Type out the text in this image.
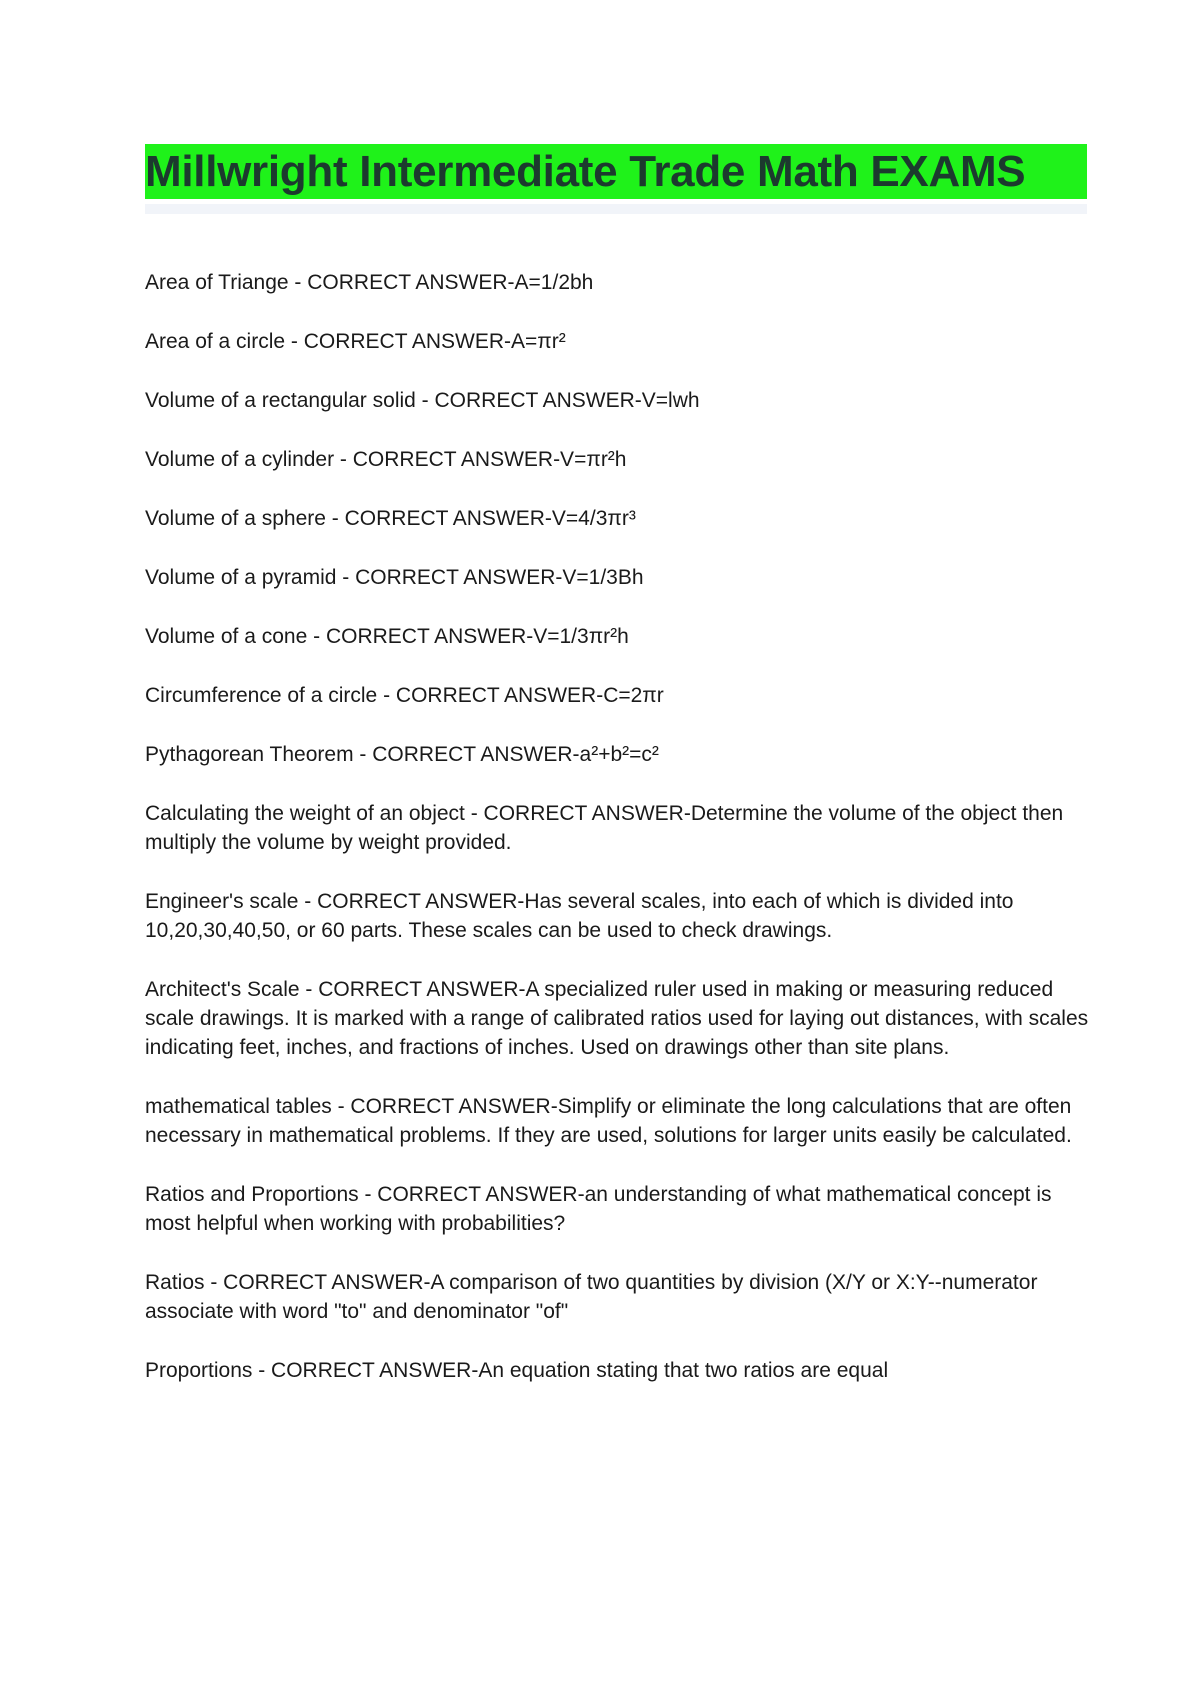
Millwright Intermediate Trade Math EXAMS

Area of Triange - CORRECT ANSWER-A=1/2bh

Area of a circle - CORRECT ANSWER-A=πr²

Volume of a rectangular solid - CORRECT ANSWER-V=lwh

Volume of a cylinder - CORRECT ANSWER-V=πr²h

Volume of a sphere - CORRECT ANSWER-V=4/3πr³

Volume of a pyramid - CORRECT ANSWER-V=1/3Bh

Volume of a cone - CORRECT ANSWER-V=1/3πr²h

Circumference of a circle - CORRECT ANSWER-C=2πr

Pythagorean Theorem - CORRECT ANSWER-a²+b²=c²

Calculating the weight of an object - CORRECT ANSWER-Determine the volume of the object then multiply the volume by weight provided.

Engineer's scale - CORRECT ANSWER-Has several scales, into each of which is divided into 10,20,30,40,50, or 60 parts. These scales can be used to check drawings.

Architect's Scale - CORRECT ANSWER-A specialized ruler used in making or measuring reduced scale drawings. It is marked with a range of calibrated ratios used for laying out distances, with scales indicating feet, inches, and fractions of inches. Used on drawings other than site plans.

mathematical tables - CORRECT ANSWER-Simplify or eliminate the long calculations that are often necessary in mathematical problems. If they are used, solutions for larger units easily be calculated.

Ratios and Proportions - CORRECT ANSWER-an understanding of what mathematical concept is most helpful when working with probabilities?

Ratios - CORRECT ANSWER-A comparison of two quantities by division (X/Y or X:Y--numerator associate with word "to" and denominator "of"

Proportions - CORRECT ANSWER-An equation stating that two ratios are equal
